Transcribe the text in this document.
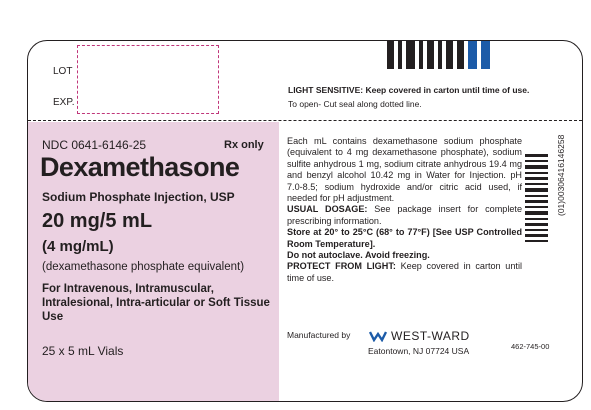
LOT
EXP.
LIGHT SENSITIVE: Keep covered in carton until time of use.
To open- Cut seal along dotted line.
NDC 0641-6146-25	Rx only
Dexamethasone
Sodium Phosphate Injection, USP
20 mg/5 mL
(4 mg/mL)
(dexamethasone phosphate equivalent)
For Intravenous, Intramuscular, Intralesional, Intra-articular or Soft Tissue Use
25 x 5 mL Vials

Each mL contains dexamethasone sodium phosphate (equivalent to 4 mg dexamethasone phosphate), sodium sulfite anhydrous 1 mg, sodium citrate anhydrous 19.4 mg and benzyl alcohol 10.42 mg in Water for Injection. pH 7.0-8.5; sodium hydroxide and/or citric acid used, if needed for pH adjustment.

USUAL DOSAGE: See package insert for complete prescribing information.

Store at 20° to 25°C (68° to 77°F) [See USP Controlled Room Temperature].

Do not autoclave. Avoid freezing.

PROTECT FROM LIGHT: Keep covered in carton until time of use.

Manufactured by	WEST-WARD
Eatontown, NJ 07724 USA	462-745-00
(01)00306416146258
